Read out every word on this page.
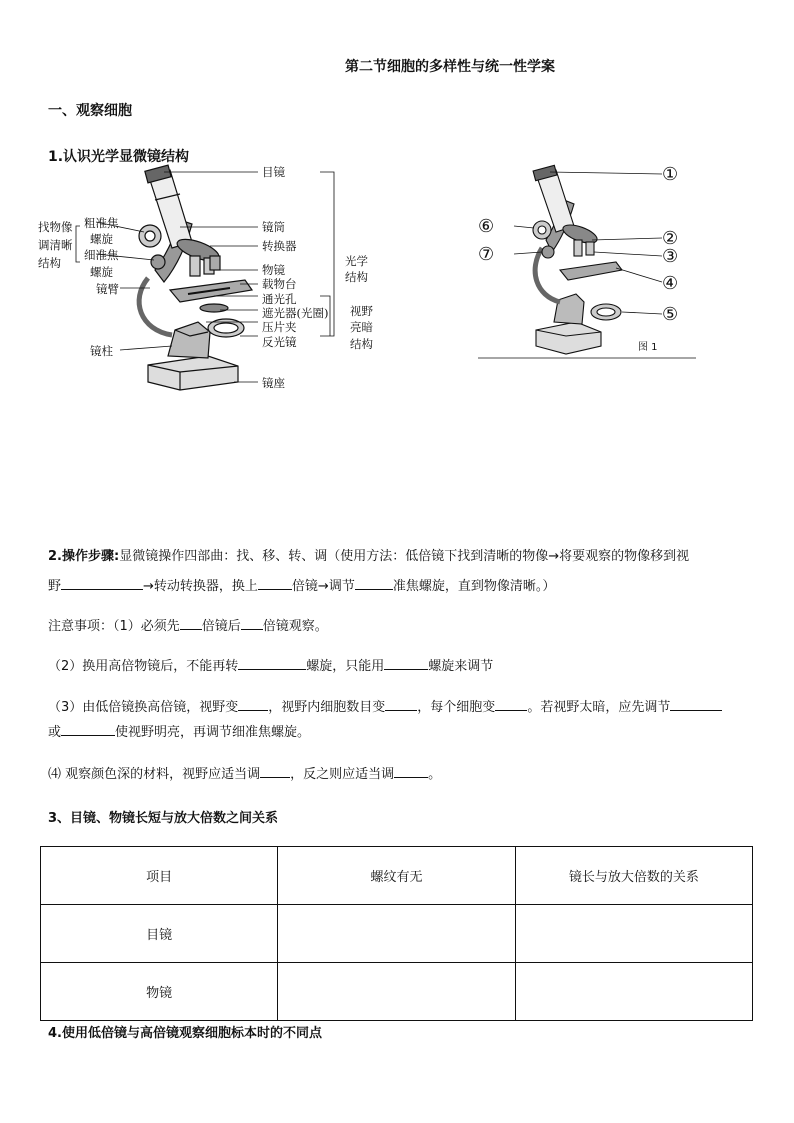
第二节细胞的多样性与统一性学案
一、观察细胞
1.认识光学显微镜结构
找物像
调清晰
结构
粗准焦
螺旋
细准焦
螺旋
镜臂
镜柱
目镜
镜筒
转换器
物镜
载物台
通光孔
遮光器(光圈)
压片夹
反光镜
镜座
光学
结构
视野
亮暗
结构
①
②
③
④
⑤
⑥
⑦
图 1
2.操作步骤:显微镜操作四部曲：找、移、转、调（使用方法：低倍镜下找到清晰的物像→将要观察的物像移到视
野	→转动转换器，换上	倍镜→调节	准焦螺旋，直到物像清晰。）
注意事项：（1）必须先 倍镜后 倍镜观察。
（2）换用高倍物镜后，不能再转	螺旋，只能用	螺旋来调节
（3）由低倍镜换高倍镜，视野变 ，视野内细胞数目变 ，每个细胞变 。若视野太暗，应先调节
或	使视野明亮，再调节细准焦螺旋。
⑷ 观察颜色深的材料，视野应适当调 ，反之则应适当调	。
3、目镜、物镜长短与放大倍数之间关系
项目	螺纹有无	镜长与放大倍数的关系
目镜		
物镜		
4.使用低倍镜与高倍镜观察细胞标本时的不同点
